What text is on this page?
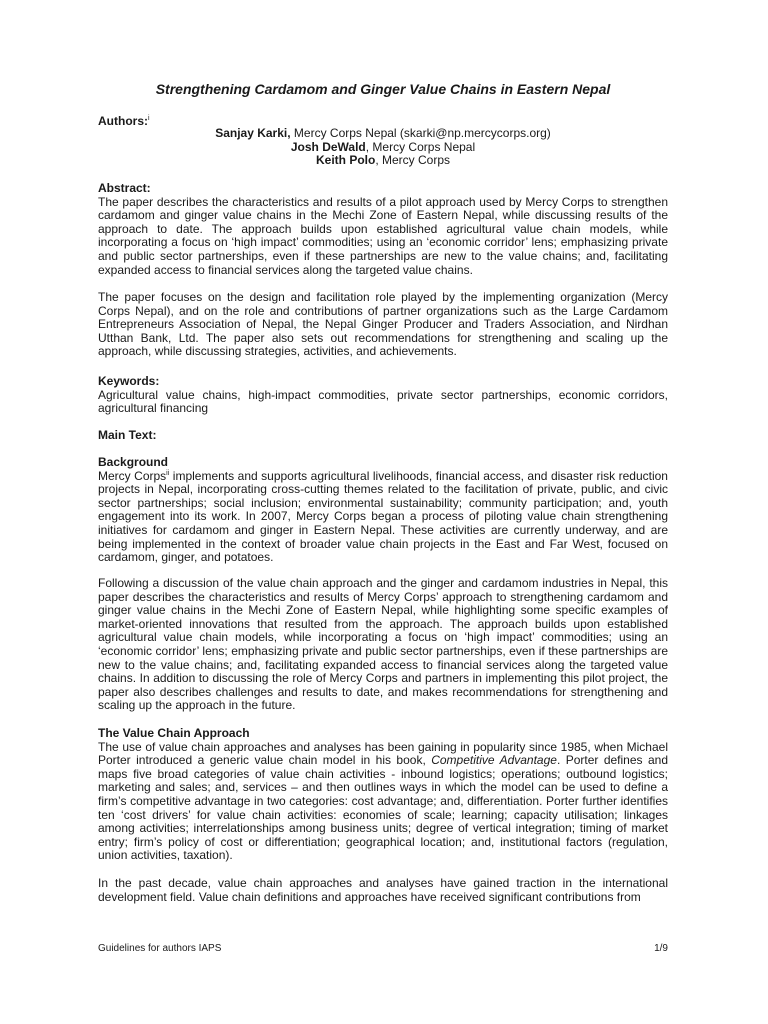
Strengthening Cardamom and Ginger Value Chains in Eastern Nepal
Authors:$^i$
Sanjay Karki, Mercy Corps Nepal (skarki@np.mercycorps.org)
Josh DeWald, Mercy Corps Nepal
Keith Polo, Mercy Corps
Abstract:
The paper describes the characteristics and results of a pilot approach used by Mercy Corps to strengthen cardamom and ginger value chains in the Mechi Zone of Eastern Nepal, while discussing results of the approach to date. The approach builds upon established agricultural value chain models, while incorporating a focus on ‘high impact’ commodities; using an ‘economic corridor’ lens; emphasizing private and public sector partnerships, even if these partnerships are new to the value chains; and, facilitating expanded access to financial services along the targeted value chains.
The paper focuses on the design and facilitation role played by the implementing organization (Mercy Corps Nepal), and on the role and contributions of partner organizations such as the Large Cardamom Entrepreneurs Association of Nepal, the Nepal Ginger Producer and Traders Association, and Nirdhan Utthan Bank, Ltd. The paper also sets out recommendations for strengthening and scaling up the approach, while discussing strategies, activities, and achievements.
Keywords:
Agricultural value chains, high-impact commodities, private sector partnerships, economic corridors, agricultural financing
Main Text:
Background
Mercy Corps$^{ii}$ implements and supports agricultural livelihoods, financial access, and disaster risk reduction projects in Nepal, incorporating cross-cutting themes related to the facilitation of private, public, and civic sector partnerships; social inclusion; environmental sustainability; community participation; and, youth engagement into its work. In 2007, Mercy Corps began a process of piloting value chain strengthening initiatives for cardamom and ginger in Eastern Nepal. These activities are currently underway, and are being implemented in the context of broader value chain projects in the East and Far West, focused on cardamom, ginger, and potatoes.
Following a discussion of the value chain approach and the ginger and cardamom industries in Nepal, this paper describes the characteristics and results of Mercy Corps’ approach to strengthening cardamom and ginger value chains in the Mechi Zone of Eastern Nepal, while highlighting some specific examples of market-oriented innovations that resulted from the approach. The approach builds upon established agricultural value chain models, while incorporating a focus on ‘high impact’ commodities; using an ‘economic corridor’ lens; emphasizing private and public sector partnerships, even if these partnerships are new to the value chains; and, facilitating expanded access to financial services along the targeted value chains. In addition to discussing the role of Mercy Corps and partners in implementing this pilot project, the paper also describes challenges and results to date, and makes recommendations for strengthening and scaling up the approach in the future.
The Value Chain Approach
The use of value chain approaches and analyses has been gaining in popularity since 1985, when Michael Porter introduced a generic value chain model in his book, Competitive Advantage. Porter defines and maps five broad categories of value chain activities - inbound logistics; operations; outbound logistics; marketing and sales; and, services – and then outlines ways in which the model can be used to define a firm’s competitive advantage in two categories: cost advantage; and, differentiation. Porter further identifies ten ‘cost drivers’ for value chain activities: economies of scale; learning; capacity utilisation; linkages among activities; interrelationships among business units; degree of vertical integration; timing of market entry; firm’s policy of cost or differentiation; geographical location; and, institutional factors (regulation, union activities, taxation).
In the past decade, value chain approaches and analyses have gained traction in the international development field. Value chain definitions and approaches have received significant contributions from
Guidelines for authors IAPS	1/9
